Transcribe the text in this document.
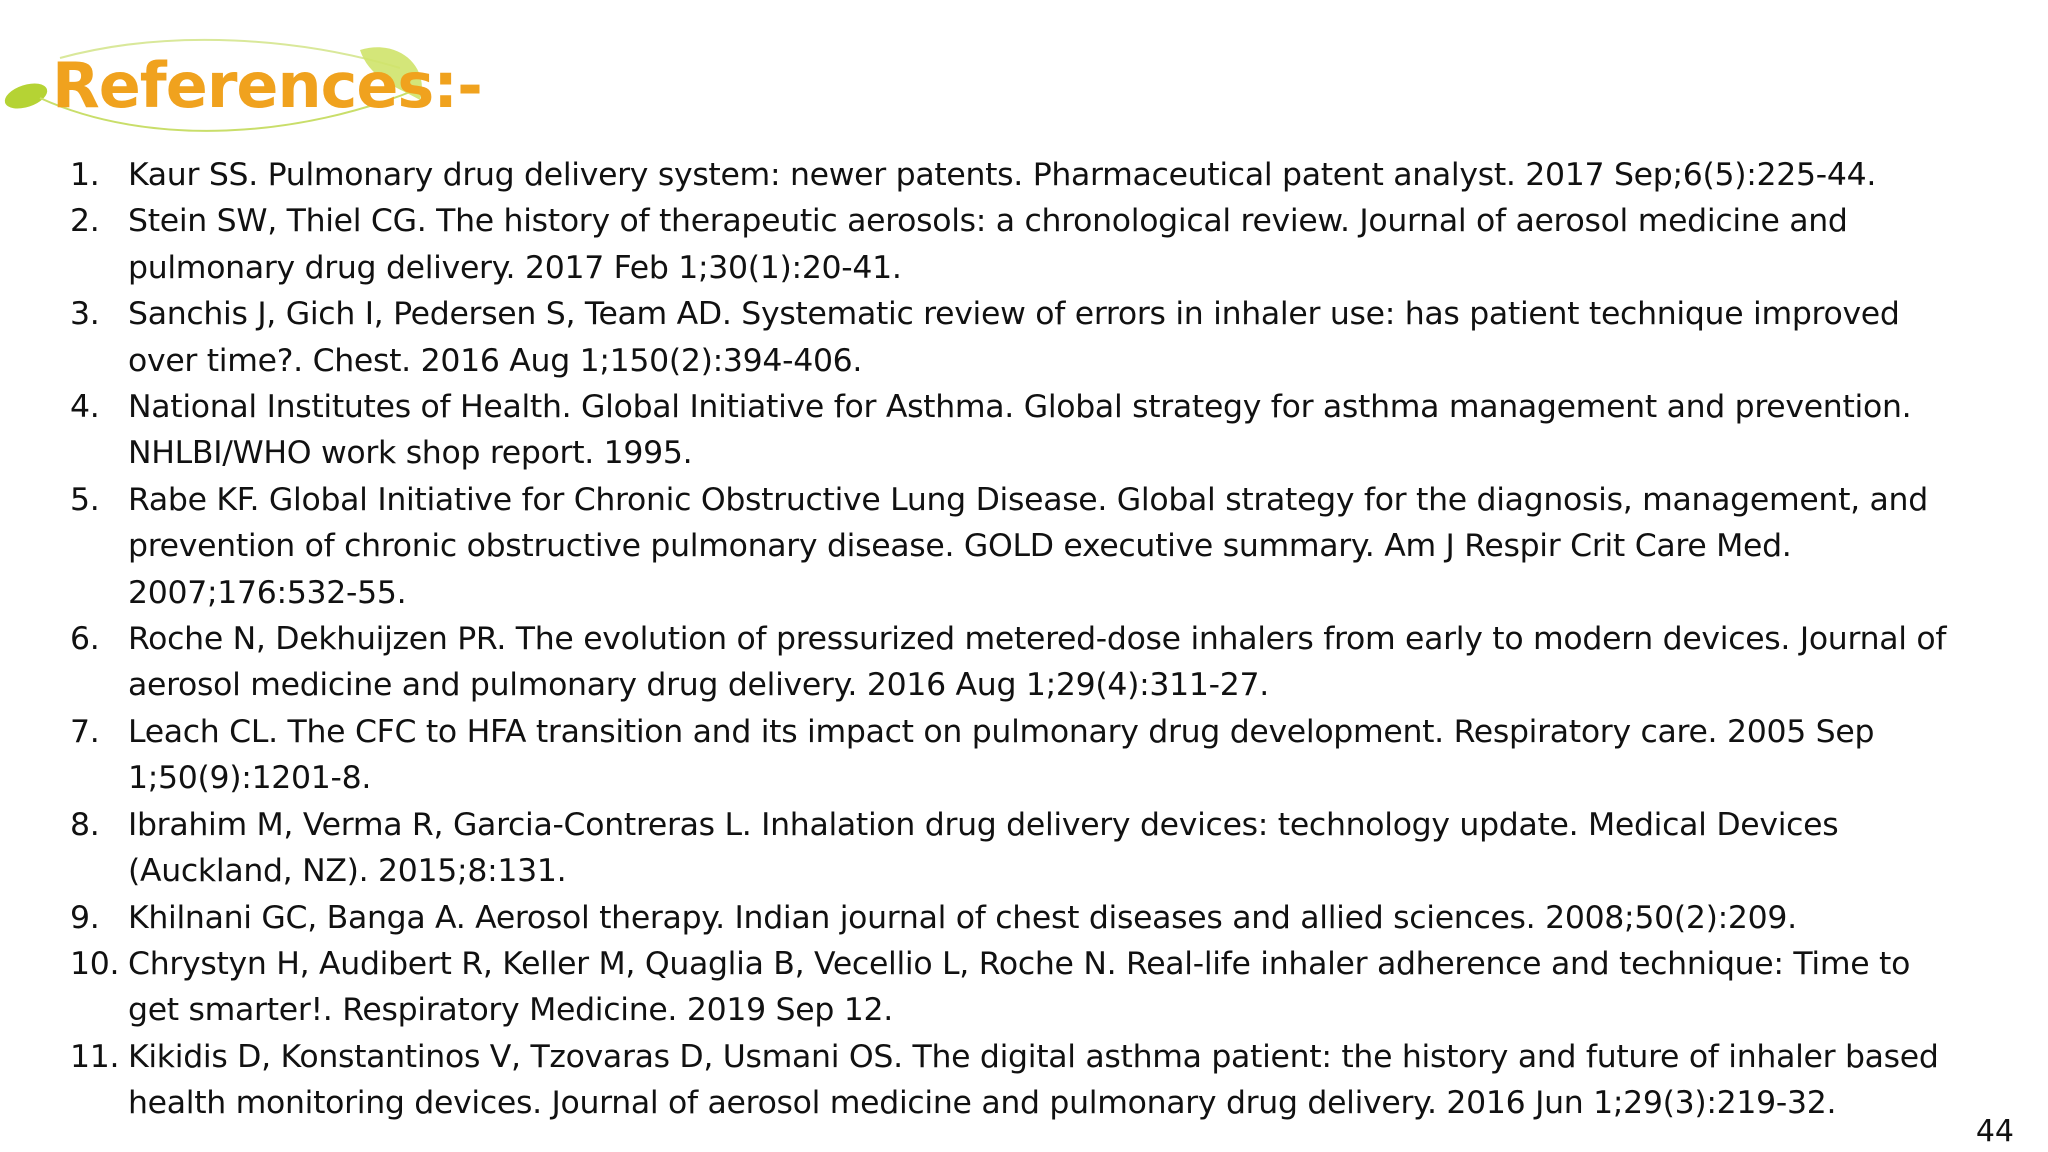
References:-
1. Kaur SS. Pulmonary drug delivery system: newer patents. Pharmaceutical patent analyst. 2017 Sep;6(5):225-44.
2. Stein SW, Thiel CG. The history of therapeutic aerosols: a chronological review. Journal of aerosol medicine and pulmonary drug delivery. 2017 Feb 1;30(1):20-41.
3. Sanchis J, Gich I, Pedersen S, Team AD. Systematic review of errors in inhaler use: has patient technique improved over time?. Chest. 2016 Aug 1;150(2):394-406.
4. National Institutes of Health. Global Initiative for Asthma. Global strategy for asthma management and prevention. NHLBI/WHO work shop report. 1995.
5. Rabe KF. Global Initiative for Chronic Obstructive Lung Disease. Global strategy for the diagnosis, management, and prevention of chronic obstructive pulmonary disease. GOLD executive summary. Am J Respir Crit Care Med. 2007;176:532-55.
6. Roche N, Dekhuijzen PR. The evolution of pressurized metered-dose inhalers from early to modern devices. Journal of aerosol medicine and pulmonary drug delivery. 2016 Aug 1;29(4):311-27.
7. Leach CL. The CFC to HFA transition and its impact on pulmonary drug development. Respiratory care. 2005 Sep 1;50(9):1201-8.
8. Ibrahim M, Verma R, Garcia-Contreras L. Inhalation drug delivery devices: technology update. Medical Devices (Auckland, NZ). 2015;8:131.
9. Khilnani GC, Banga A. Aerosol therapy. Indian journal of chest diseases and allied sciences. 2008;50(2):209.
10. Chrystyn H, Audibert R, Keller M, Quaglia B, Vecellio L, Roche N. Real-life inhaler adherence and technique: Time to get smarter!. Respiratory Medicine. 2019 Sep 12.
11. Kikidis D, Konstantinos V, Tzovaras D, Usmani OS. The digital asthma patient: the history and future of inhaler based health monitoring devices. Journal of aerosol medicine and pulmonary drug delivery. 2016 Jun 1;29(3):219-32.
44
